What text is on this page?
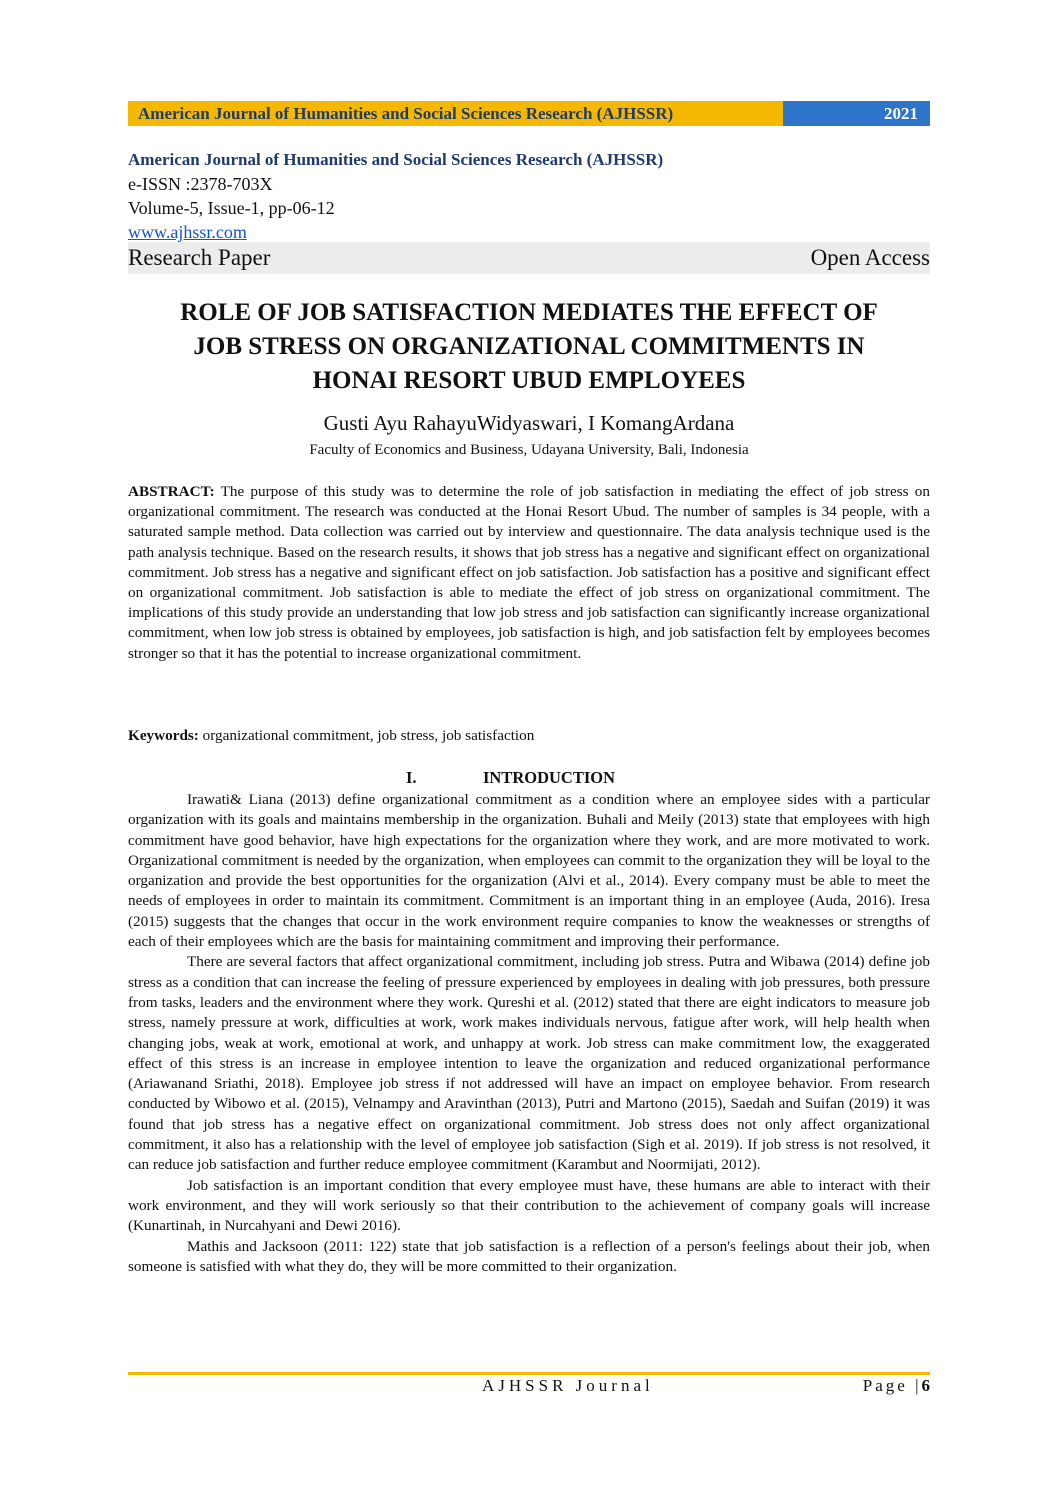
American Journal of Humanities and Social Sciences Research (AJHSSR)	2021
American Journal of Humanities and Social Sciences Research (AJHSSR)
e-ISSN :2378-703X
Volume-5, Issue-1, pp-06-12
www.ajhssr.com
Research Paper	Open Access
ROLE OF JOB SATISFACTION MEDIATES THE EFFECT OF
JOB STRESS ON ORGANIZATIONAL COMMITMENTS IN
HONAI RESORT UBUD EMPLOYEES
Gusti Ayu RahayuWidyaswari, I KomangArdana
Faculty of Economics and Business, Udayana University, Bali, Indonesia
ABSTRACT: The purpose of this study was to determine the role of job satisfaction in mediating the effect of job stress on organizational commitment. The research was conducted at the Honai Resort Ubud. The number of samples is 34 people, with a saturated sample method. Data collection was carried out by interview and questionnaire. The data analysis technique used is the path analysis technique. Based on the research results, it shows that job stress has a negative and significant effect on organizational commitment. Job stress has a negative and significant effect on job satisfaction. Job satisfaction has a positive and significant effect on organizational commitment. Job satisfaction is able to mediate the effect of job stress on organizational commitment. The implications of this study provide an understanding that low job stress and job satisfaction can significantly increase organizational commitment, when low job stress is obtained by employees, job satisfaction is high, and job satisfaction felt by employees becomes stronger so that it has the potential to increase organizational commitment.
Keywords: organizational commitment, job stress, job satisfaction
I.	INTRODUCTION

Irawati& Liana (2013) define organizational commitment as a condition where an employee sides with a particular organization with its goals and maintains membership in the organization. Buhali and Meily (2013) state that employees with high commitment have good behavior, have high expectations for the organization where they work, and are more motivated to work. Organizational commitment is needed by the organization, when employees can commit to the organization they will be loyal to the organization and provide the best opportunities for the organization (Alvi et al., 2014). Every company must be able to meet the needs of employees in order to maintain its commitment. Commitment is an important thing in an employee (Auda, 2016). Iresa (2015) suggests that the changes that occur in the work environment require companies to know the weaknesses or strengths of each of their employees which are the basis for maintaining commitment and improving their performance.

There are several factors that affect organizational commitment, including job stress. Putra and Wibawa (2014) define job stress as a condition that can increase the feeling of pressure experienced by employees in dealing with job pressures, both pressure from tasks, leaders and the environment where they work. Qureshi et al. (2012) stated that there are eight indicators to measure job stress, namely pressure at work, difficulties at work, work makes individuals nervous, fatigue after work, will help health when changing jobs, weak at work, emotional at work, and unhappy at work. Job stress can make commitment low, the exaggerated effect of this stress is an increase in employee intention to leave the organization and reduced organizational performance (Ariawanand Sriathi, 2018). Employee job stress if not addressed will have an impact on employee behavior. From research conducted by Wibowo et al. (2015), Velnampy and Aravinthan (2013), Putri and Martono (2015), Saedah and Suifan (2019) it was found that job stress has a negative effect on organizational commitment. Job stress does not only affect organizational commitment, it also has a relationship with the level of employee job satisfaction (Sigh et al. 2019). If job stress is not resolved, it can reduce job satisfaction and further reduce employee commitment (Karambut and Noormijati, 2012).

Job satisfaction is an important condition that every employee must have, these humans are able to interact with their work environment, and they will work seriously so that their contribution to the achievement of company goals will increase (Kunartinah, in Nurcahyani and Dewi 2016).

Mathis and Jacksoon (2011: 122) state that job satisfaction is a reflection of a person's feelings about their job, when someone is satisfied with what they do, they will be more committed to their organization.

AJHSSR Journal	Page |6
